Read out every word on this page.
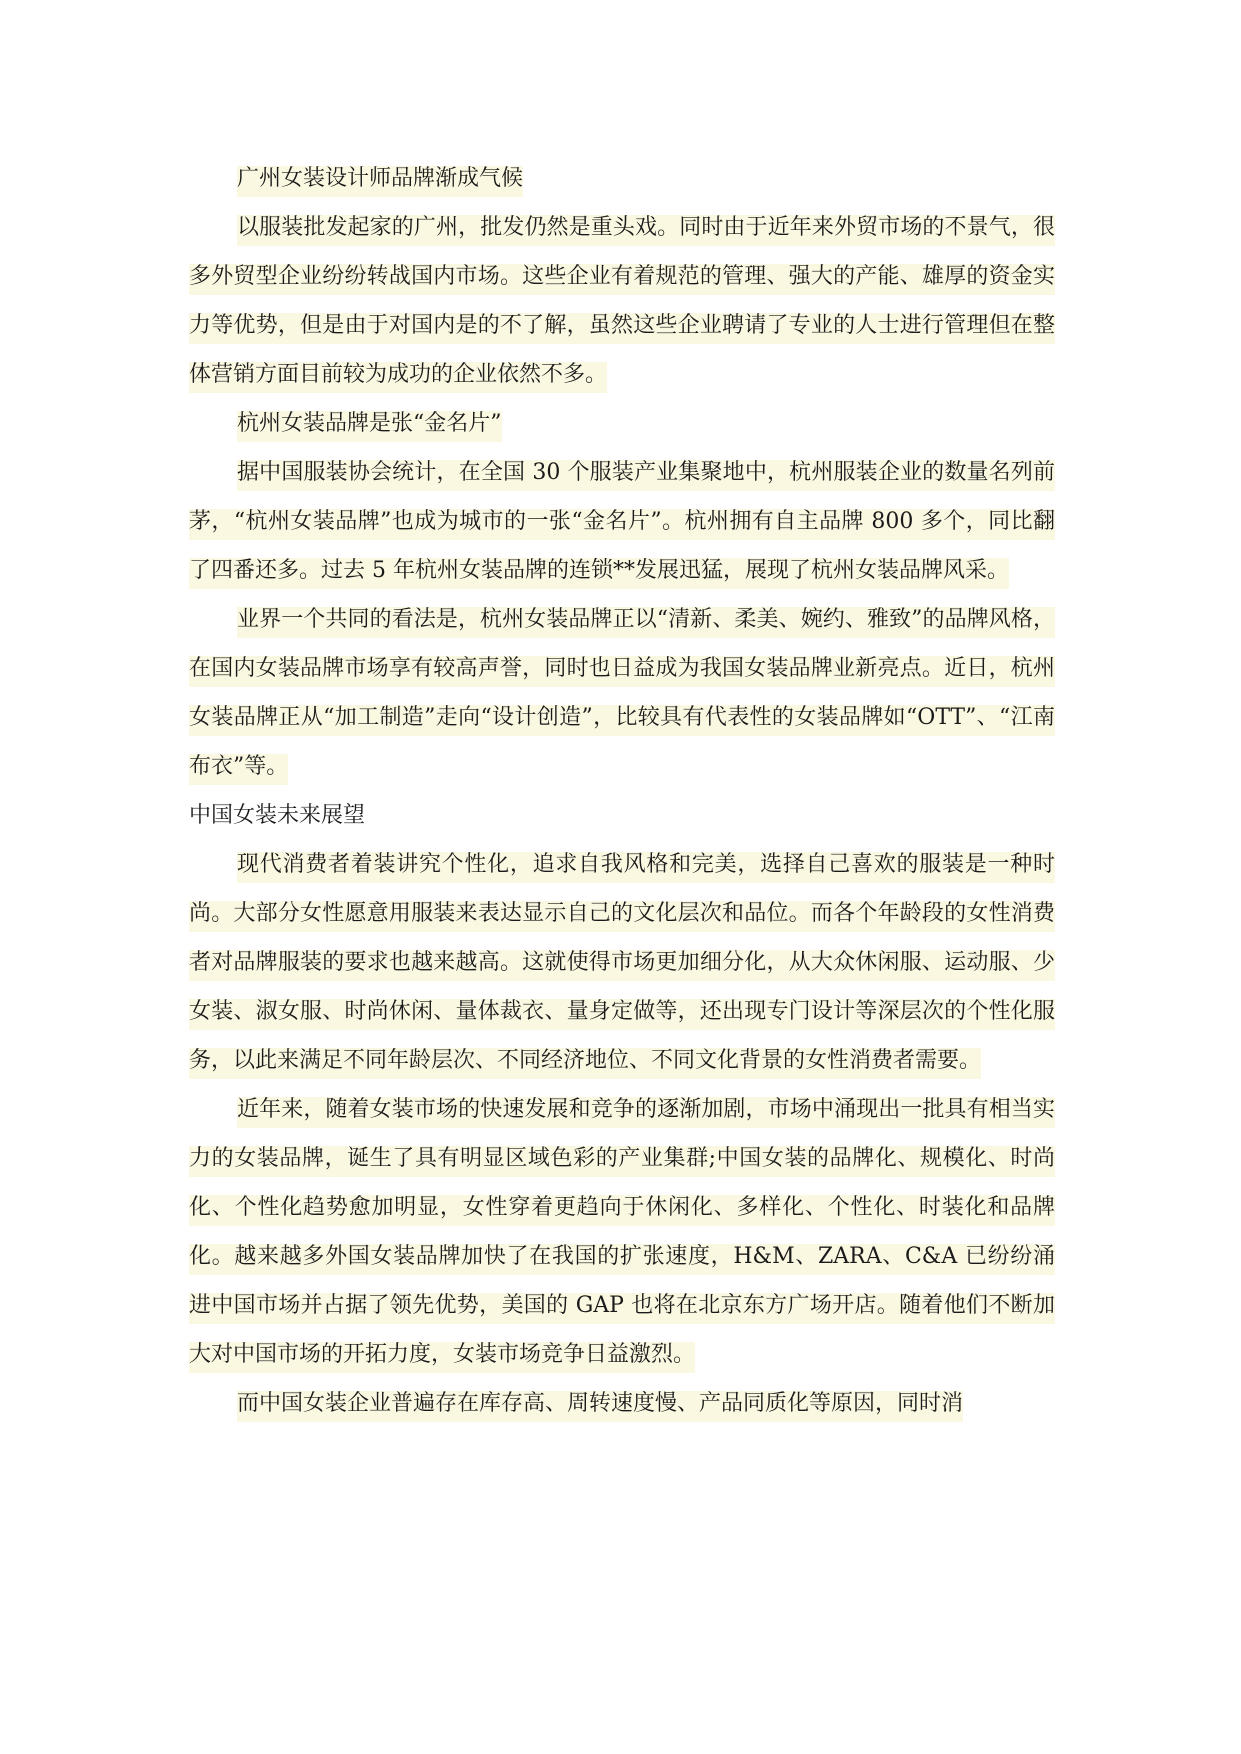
广州女装设计师品牌渐成气候

以服装批发起家的广州，批发仍然是重头戏。同时由于近年来外贸市场的不景气，很多外贸型企业纷纷转战国内市场。这些企业有着规范的管理、强大的产能、雄厚的资金实力等优势，但是由于对国内是的不了解，虽然这些企业聘请了专业的人士进行管理但在整体营销方面目前较为成功的企业依然不多。

杭州女装品牌是张“金名片”

据中国服装协会统计，在全国 30 个服装产业集聚地中，杭州服装企业的数量名列前茅，“杭州女装品牌”也成为城市的一张“金名片”。杭州拥有自主品牌 800 多个，同比翻了四番还多。过去 5 年杭州女装品牌的连锁**发展迅猛，展现了杭州女装品牌风采。

业界一个共同的看法是，杭州女装品牌正以“清新、柔美、婉约、雅致”的品牌风格，在国内女装品牌市场享有较高声誉，同时也日益成为我国女装品牌业新亮点。近日，杭州女装品牌正从“加工制造”走向“设计创造”，比较具有代表性的女装品牌如“OTT”、“江南布衣”等。

中国女装未来展望

现代消费者着装讲究个性化，追求自我风格和完美，选择自己喜欢的服装是一种时尚。大部分女性愿意用服装来表达显示自己的文化层次和品位。而各个年龄段的女性消费者对品牌服装的要求也越来越高。这就使得市场更加细分化，从大众休闲服、运动服、少女装、淑女服、时尚休闲、量体裁衣、量身定做等，还出现专门设计等深层次的个性化服务，以此来满足不同年龄层次、不同经济地位、不同文化背景的女性消费者需要。

近年来，随着女装市场的快速发展和竞争的逐渐加剧，市场中涌现出一批具有相当实力的女装品牌，诞生了具有明显区域色彩的产业集群;中国女装的品牌化、规模化、时尚化、个性化趋势愈加明显，女性穿着更趋向于休闲化、多样化、个性化、时装化和品牌化。越来越多外国女装品牌加快了在我国的扩张速度，H&M、ZARA、C&A 已纷纷涌进中国市场并占据了领先优势，美国的 GAP 也将在北京东方广场开店。随着他们不断加大对中国市场的开拓力度，女装市场竞争日益激烈。

而中国女装企业普遍存在库存高、周转速度慢、产品同质化等原因，同时消
